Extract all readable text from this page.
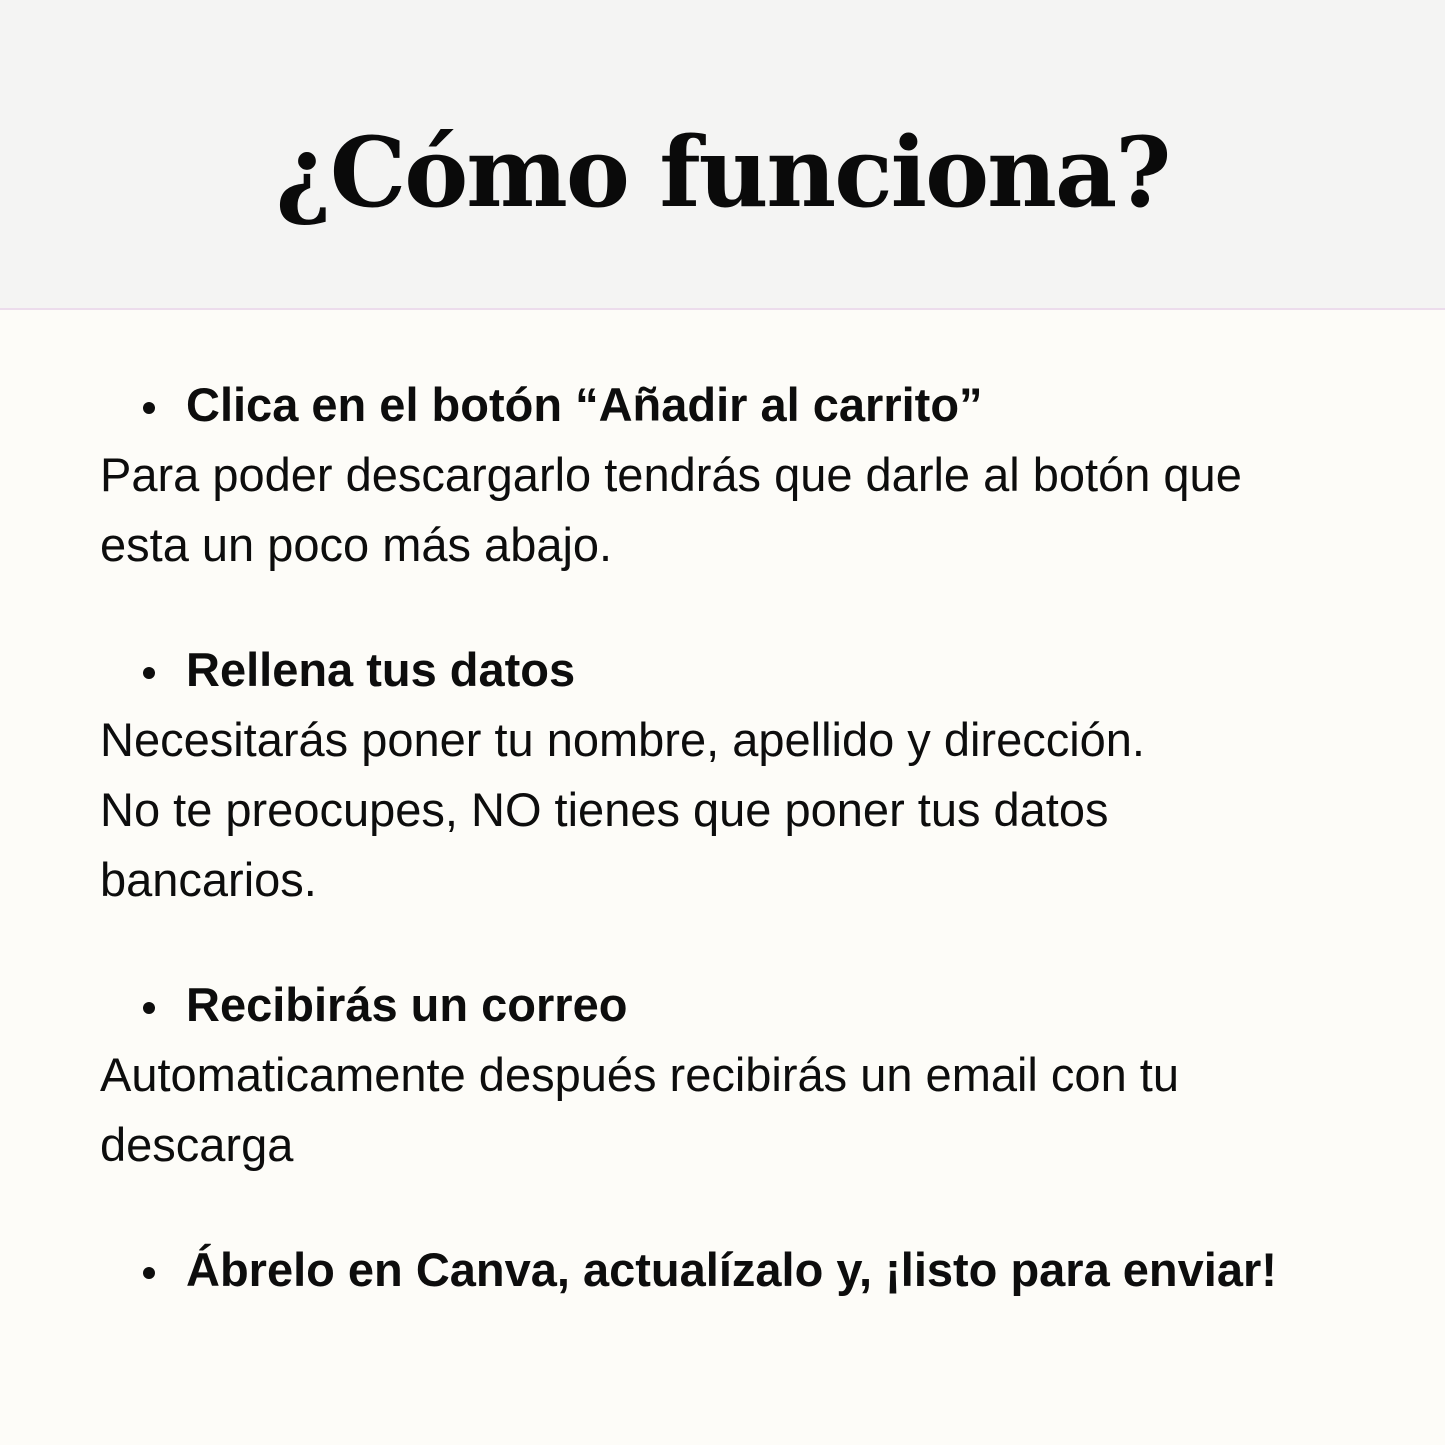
¿Cómo funciona?

Clica en el botón “Añadir al carrito”

Para poder descargarlo tendrás que darle al botón que

esta un poco más abajo.

Rellena tus datos

Necesitarás poner tu nombre, apellido y dirección.

No te preocupes, NO tienes que poner tus datos

bancarios.

Recibirás un correo

Automaticamente después recibirás un email con tu

descarga

Ábrelo en Canva, actualízalo y, ¡listo para enviar!
